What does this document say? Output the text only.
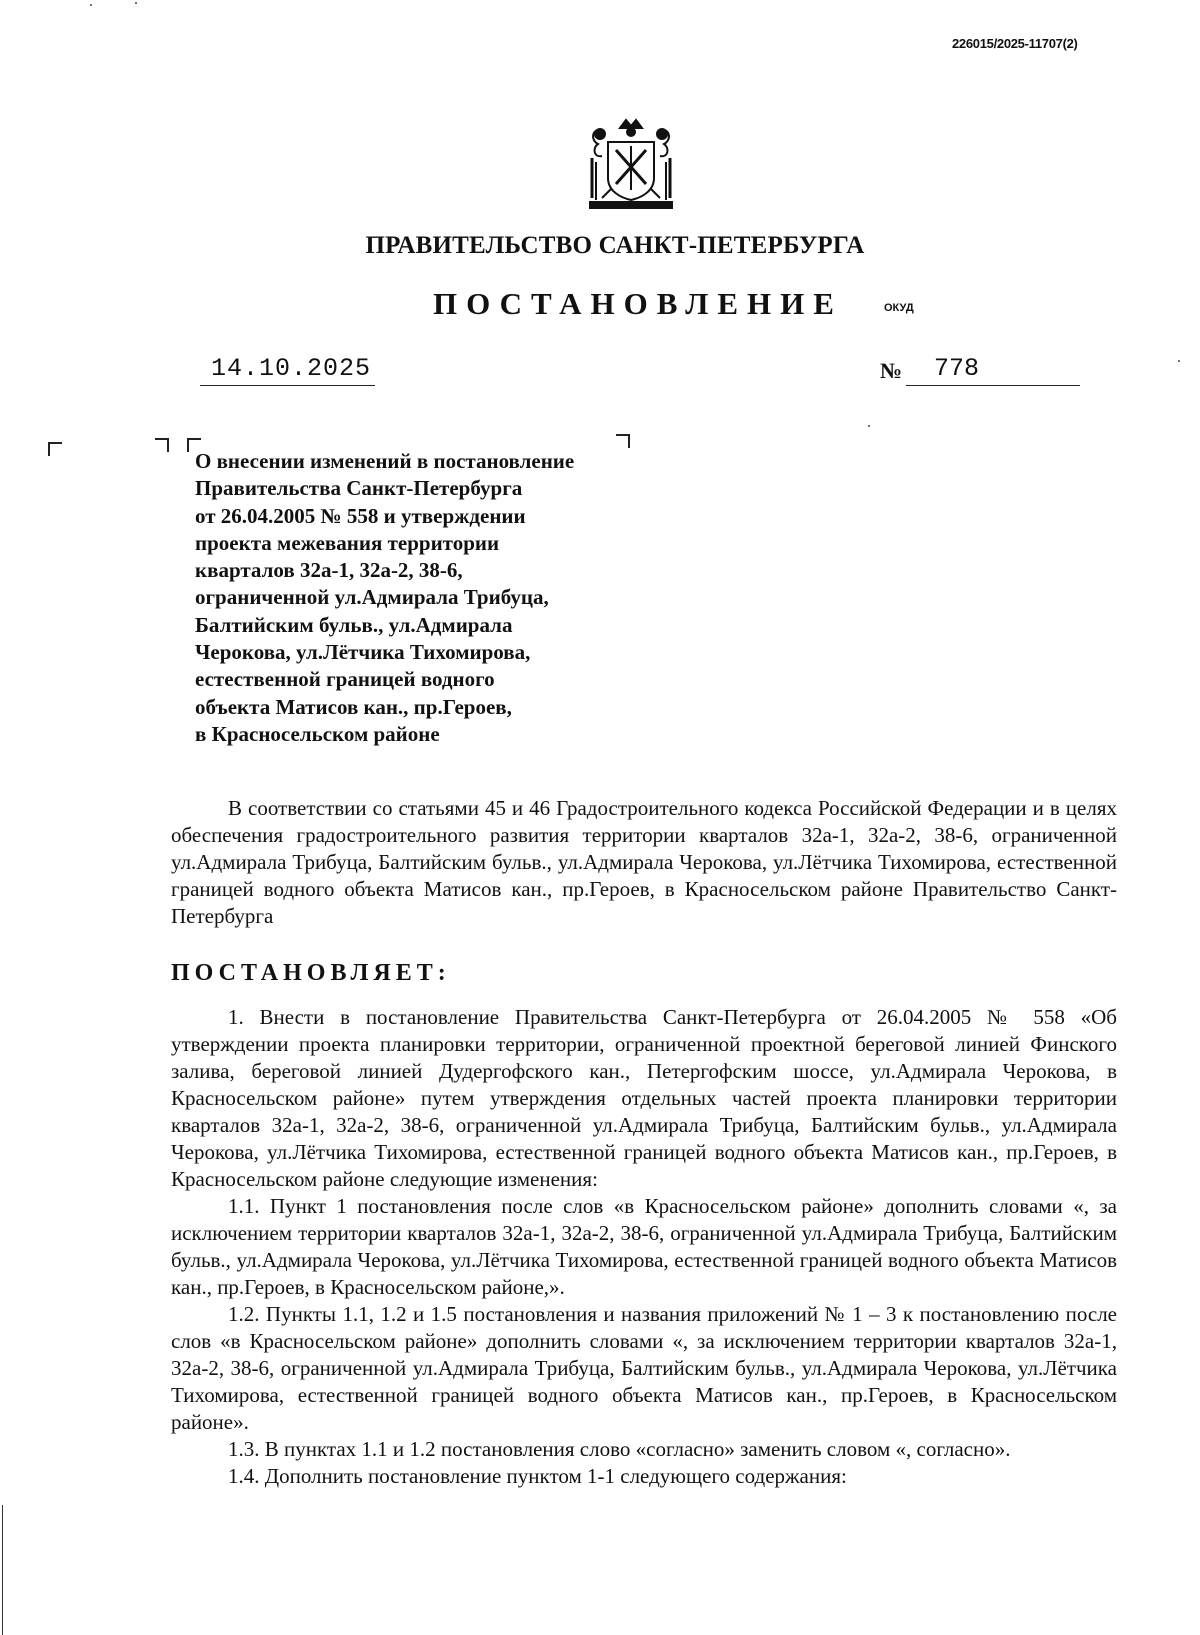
226015/2025-11707(2)
ПРАВИТЕЛЬСТВО САНКТ-ПЕТЕРБУРГА
ПОСТАНОВЛЕНИЕ	ОКУД
14.10.2025	№ 778
О внесении изменений в постановление
Правительства Санкт-Петербурга
от 26.04.2005 № 558 и утверждении
проекта межевания территории
кварталов 32а-1, 32а-2, 38-6,
ограниченной ул.Адмирала Трибуца,
Балтийским бульв., ул.Адмирала
Черокова, ул.Лётчика Тихомирова,
естественной границей водного
объекта Матисов кан., пр.Героев,
в Красносельском районе

В соответствии со статьями 45 и 46 Градостроительного кодекса Российской Федерации и в целях обеспечения градостроительного развития территории кварталов 32а-1, 32а-2, 38-6, ограниченной ул.Адмирала Трибуца, Балтийским бульв., ул.Адмирала Черокова, ул.Лётчика Тихомирова, естественной границей водного объекта Матисов кан., пр.Героев, в Красносельском районе Правительство Санкт-Петербурга

ПОСТАНОВЛЯЕТ:

1. Внести в постановление Правительства Санкт-Петербурга от 26.04.2005 № 558 «Об утверждении проекта планировки территории, ограниченной проектной береговой линией Финского залива, береговой линией Дудергофского кан., Петергофским шоссе, ул.Адмирала Черокова, в Красносельском районе» путем утверждения отдельных частей проекта планировки территории кварталов 32а-1, 32а-2, 38-6, ограниченной ул.Адмирала Трибуца, Балтийским бульв., ул.Адмирала Черокова, ул.Лётчика Тихомирова, естественной границей водного объекта Матисов кан., пр.Героев, в Красносельском районе следующие изменения:

1.1. Пункт 1 постановления после слов «в Красносельском районе» дополнить словами «, за исключением территории кварталов 32а-1, 32а-2, 38-6, ограниченной ул.Адмирала Трибуца, Балтийским бульв., ул.Адмирала Черокова, ул.Лётчика Тихомирова, естественной границей водного объекта Матисов кан., пр.Героев, в Красносельском районе,».

1.2. Пункты 1.1, 1.2 и 1.5 постановления и названия приложений № 1 – 3 к постановлению после слов «в Красносельском районе» дополнить словами «, за исключением территории кварталов 32а-1, 32а-2, 38-6, ограниченной ул.Адмирала Трибуца, Балтийским бульв., ул.Адмирала Черокова, ул.Лётчика Тихомирова, естественной границей водного объекта Матисов кан., пр.Героев, в Красносельском районе».

1.3. В пунктах 1.1 и 1.2 постановления слово «согласно» заменить словом «, согласно».

1.4. Дополнить постановление пунктом 1-1 следующего содержания:
